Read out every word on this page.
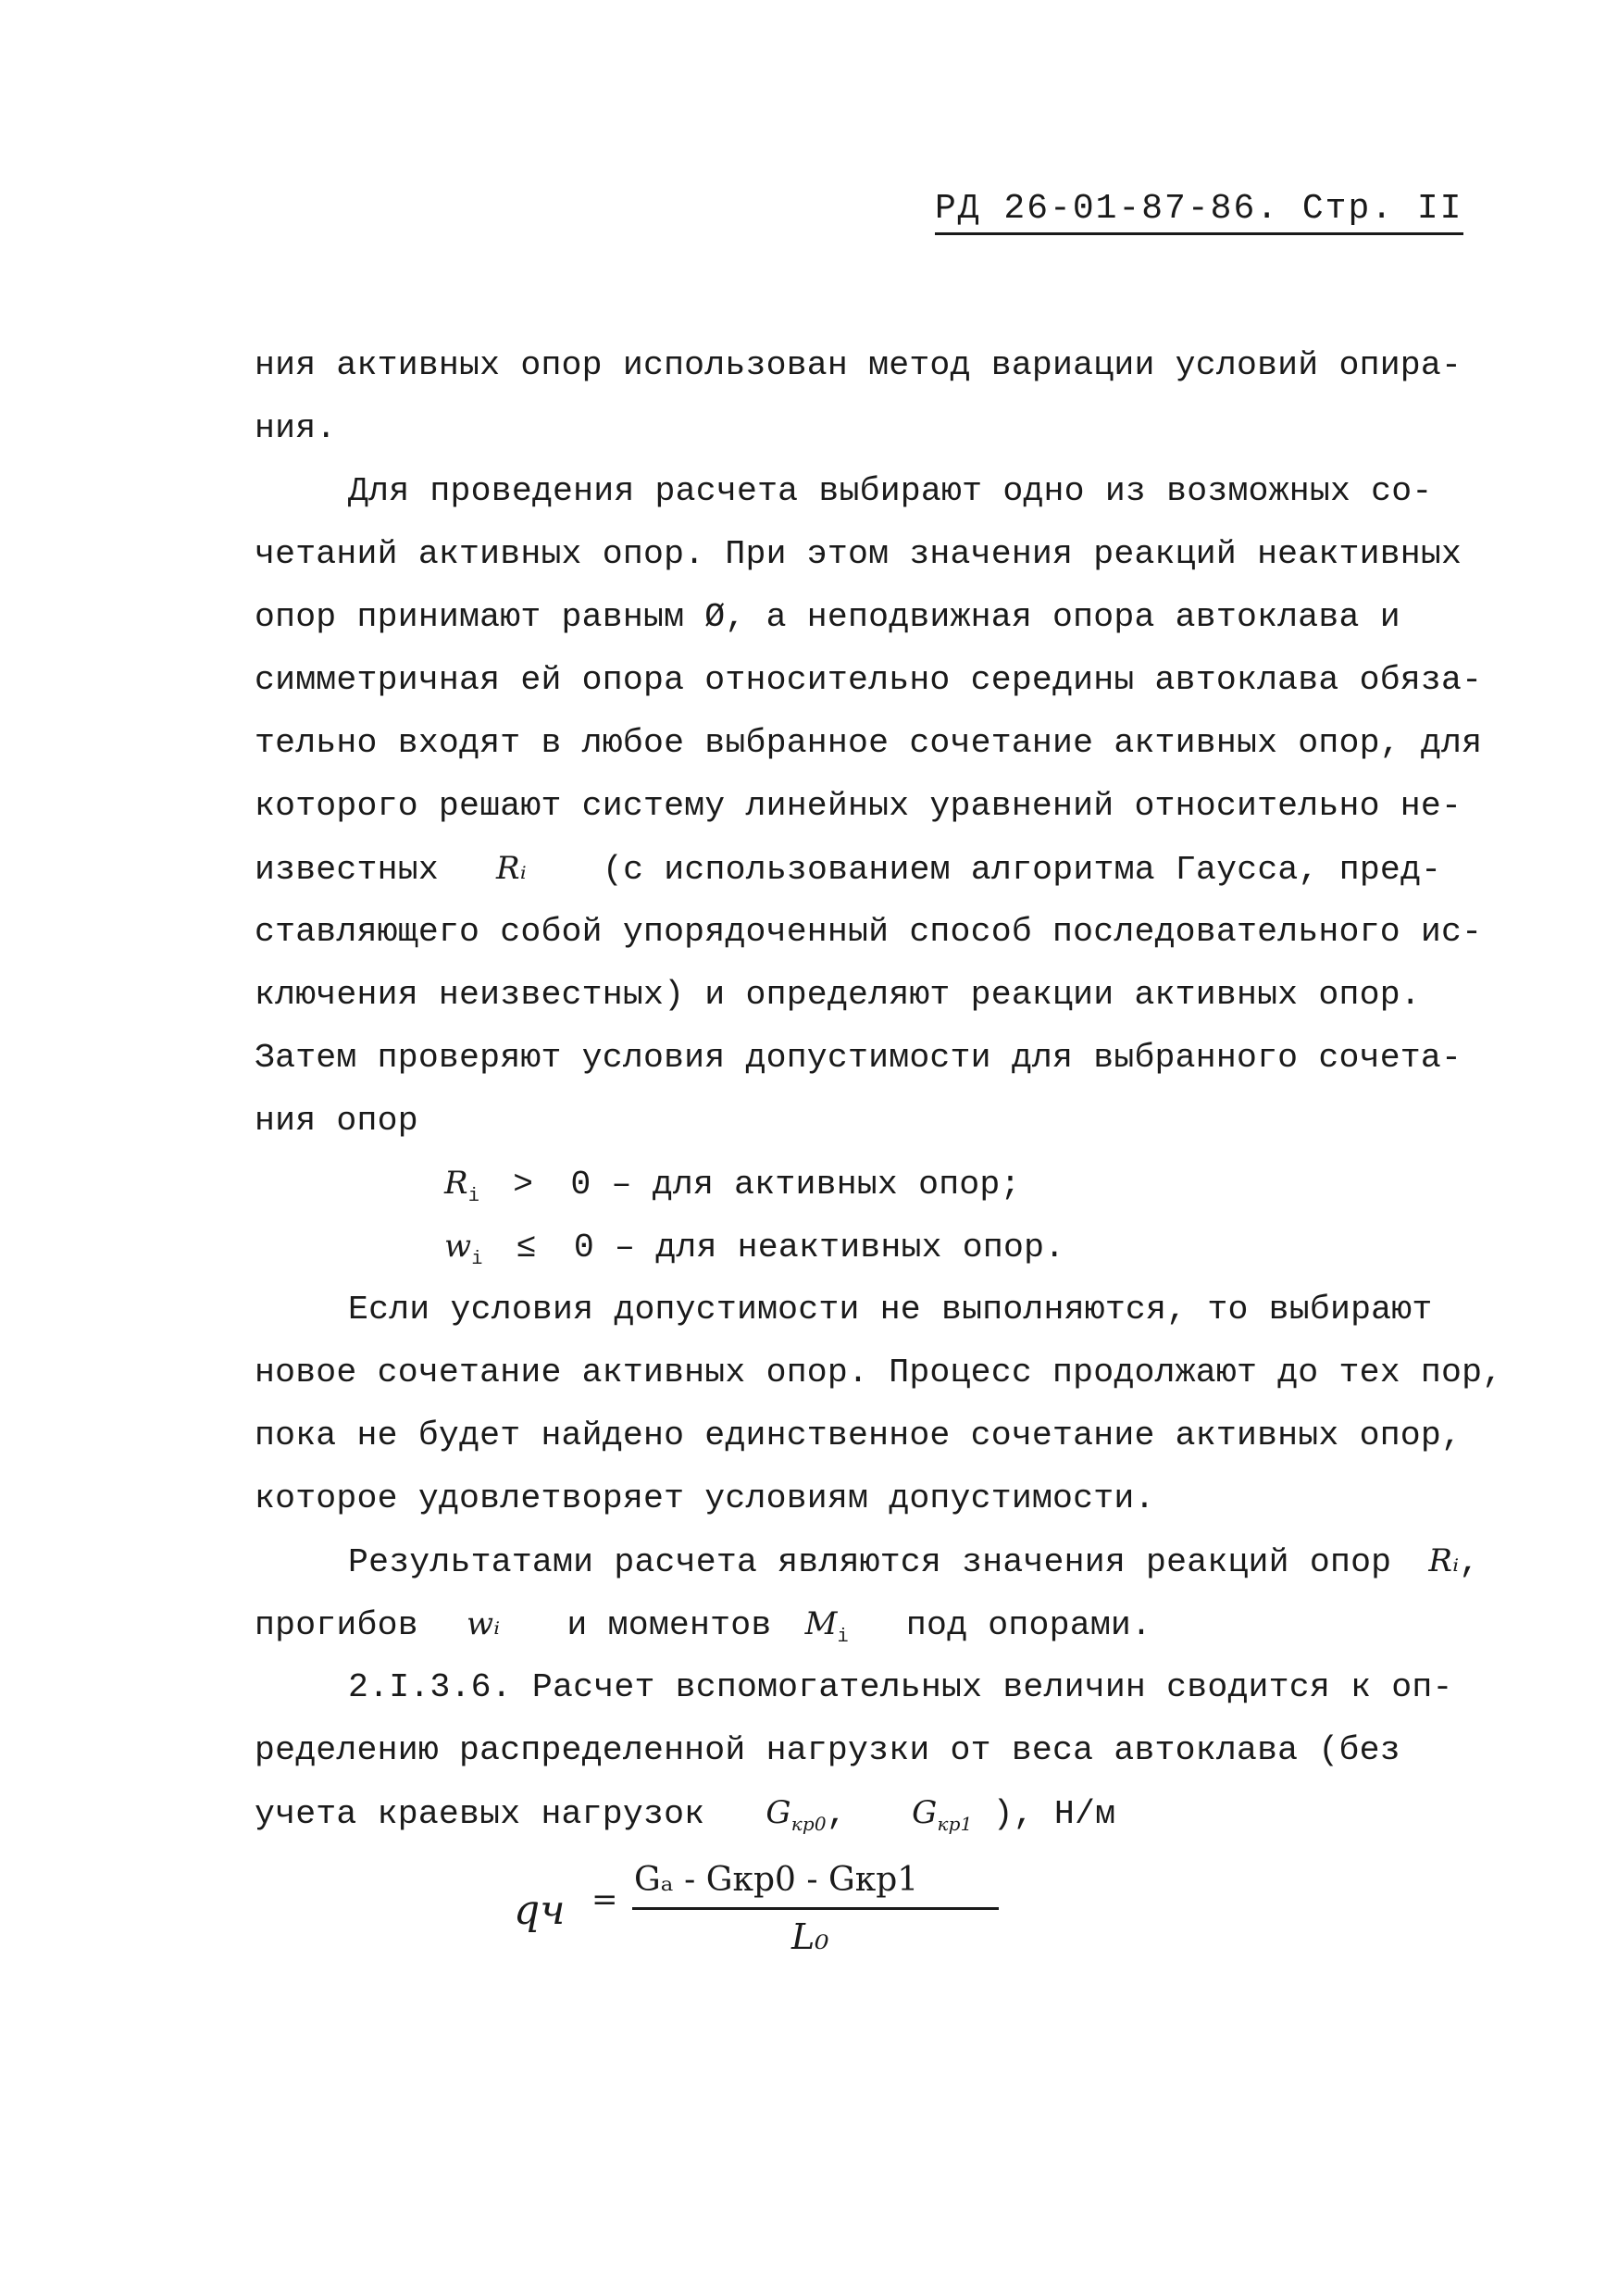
РД 26-01-87-86. Стр. II
ния активных опор использован метод вариации условий опира-
ния.
Для проведения расчета выбирают одно из возможных со-
четаний активных опор. При этом значения реакций неактивных
опор принимают равным Ø, а неподвижная опора автоклава и
симметричная ей опора относительно середины автоклава обяза-
тельно входят в любое выбранное сочетание активных опор, для
которого решают систему линейных уравнений относительно не-
известных Rᵢ (с использованием алгоритма Гаусса, пред-
ставляющего собой упорядоченный способ последовательного ис-
ключения неизвестных) и определяют реакции активных опор.
Затем проверяют условия допустимости для выбранного сочета-
ния опор
$R_i > 0$ – для активных опор;
$w_i \le 0$ – для неактивных опор.
Если условия допустимости не выполняются, то выбирают
новое сочетание активных опор. Процесс продолжают до тех пор,
пока не будет найдено единственное сочетание активных опор,
которое удовлетворяет условиям допустимости.
Результатами расчета являются значения реакций опор Rᵢ,
прогибов wᵢ и моментов $M_i$ под опорами.
2.I.3.6. Расчет вспомогательных величин сводится к оп-
ределению распределенной нагрузки от веса автоклава (без
учета краевых нагрузок $G_{кр0}$, $G_{кр1}$ ), Н/м
qч =
Gₐ - Gкр0 - Gкр1
L₀
